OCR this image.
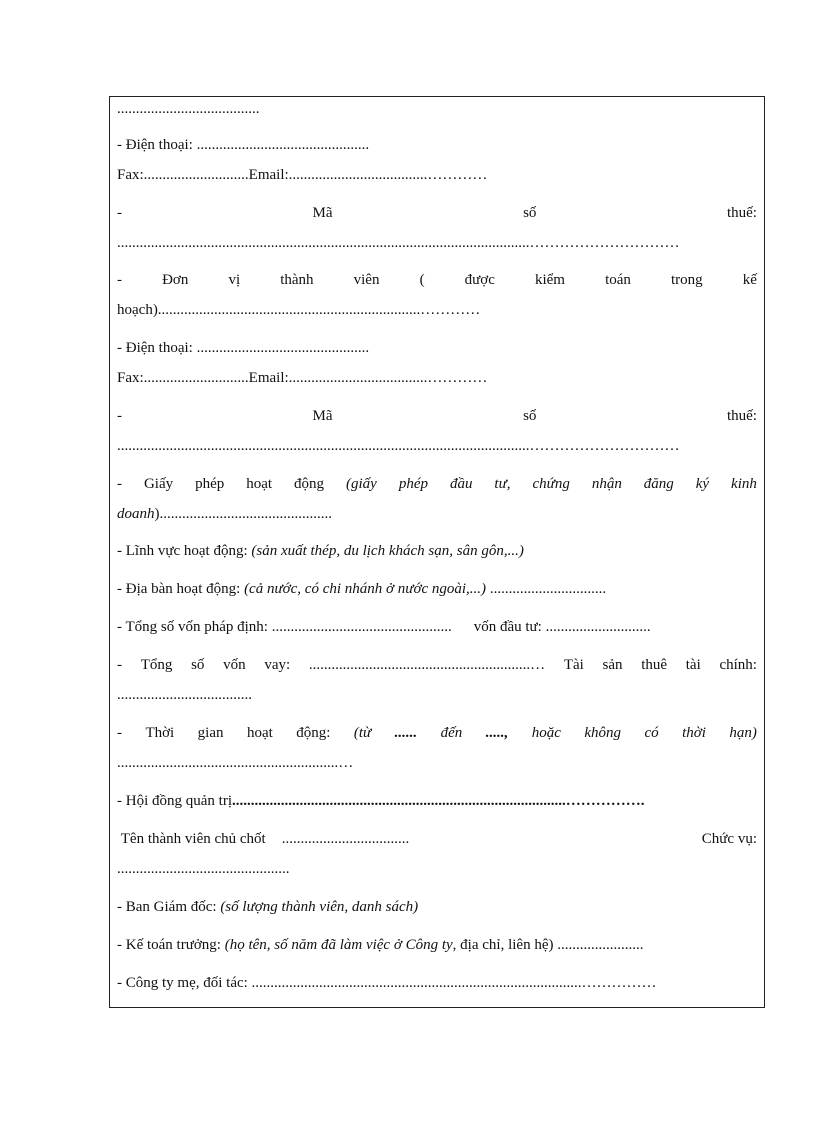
......................................
- Điện thoại: ..............................................
Fax:............................Email:.....................................…………
-	Mã	số	thuế:
..............................................................................................................…………………………
-	Đơn	vị	thành	viên	(	được	kiểm	toán	trong	kế
hoạch)......................................................................…………
- Điện thoại: ..............................................
Fax:............................Email:.....................................…………
-	Mã	số	thuế:
..............................................................................................................…………………………
- Giấy phép hoạt động (giấy phép đầu tư, chứng nhận đăng ký kinh
doanh)..............................................
- Lĩnh vực hoạt động: (sản xuất thép, du lịch khách sạn, sân gôn,...)
- Địa bàn hoạt động: (cả nước, có chi nhánh ở nước ngoài,...) ...............................
- Tổng số vốn pháp định: ................................................ vốn đầu tư: ............................
- Tổng số vốn vay: ...........................................................… Tài sản thuê tài chính:
....................................
- Thời gian hoạt động: (từ ...... đến ....., hoặc không có thời hạn)
...........................................................…
- Hội đồng quản trị.........................................................................................…………….
Tên thành viên chủ chốt ..................................	Chức vụ:
..............................................
- Ban Giám đốc: (số lượng thành viên, danh sách)
- Kế toán trưởng: (họ tên, số năm đã làm việc ở Công ty, địa chỉ, liên hệ) .......................
- Công ty mẹ, đối tác: ........................................................................................……………
